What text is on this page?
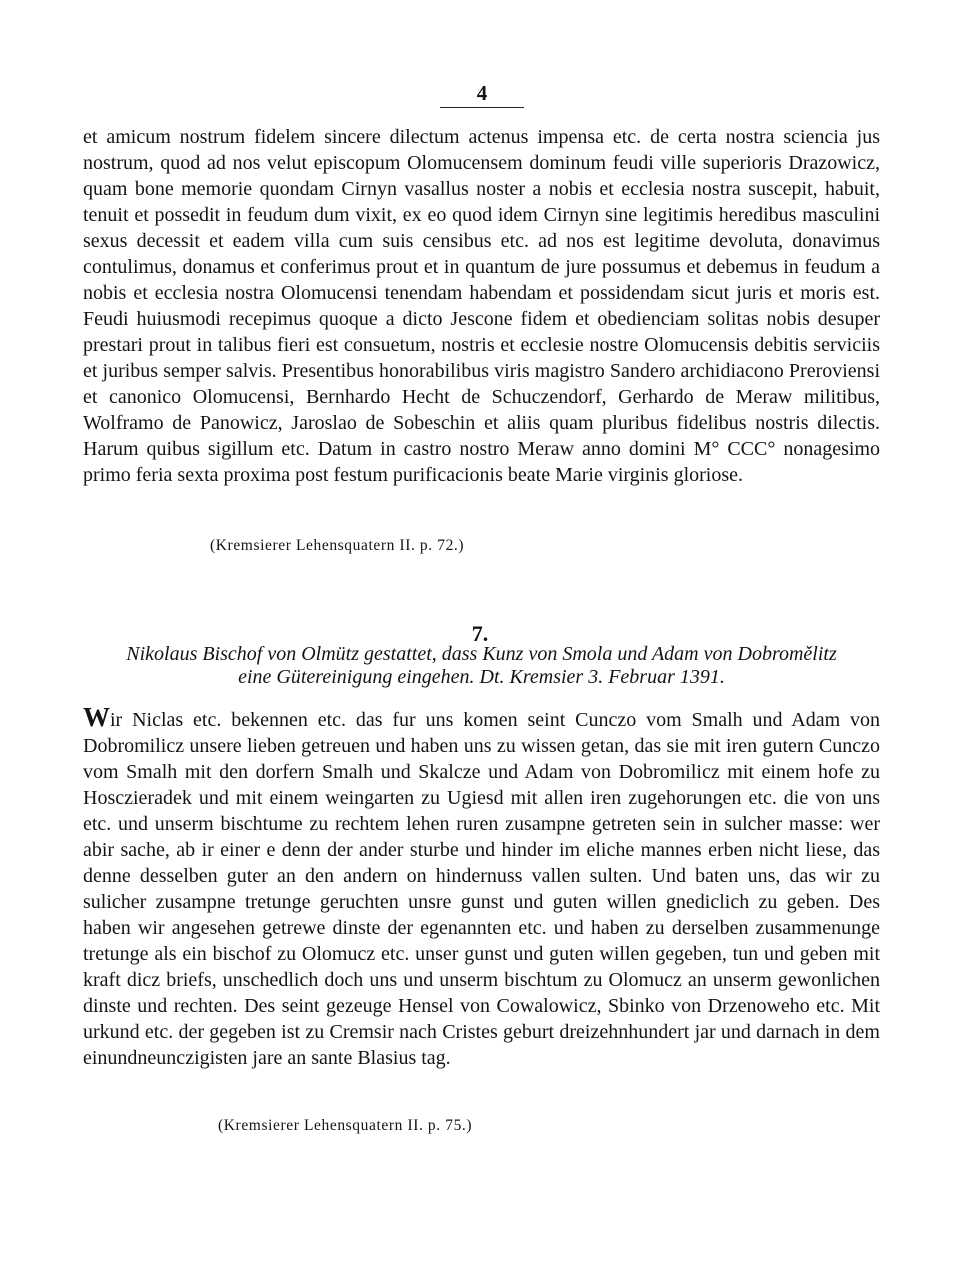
4

et amicum nostrum fidelem sincere dilectum actenus impensa etc. de certa nostra sciencia jus nostrum, quod ad nos velut episcopum Olomucensem dominum feudi ville superioris Drazowicz, quam bone memorie quondam Cirnyn vasallus noster a nobis et ecclesia nostra suscepit, habuit, tenuit et possedit in feudum dum vixit, ex eo quod idem Cirnyn sine legitimis heredibus masculini sexus decessit et eadem villa cum suis censibus etc. ad nos est legitime devoluta, donavimus contulimus, donamus et conferimus prout et in quantum de jure possumus et debemus in feudum a nobis et ecclesia nostra Olomucensi tenendam habendam et possidendam sicut juris et moris est. Feudi huiusmodi recepimus quoque a dicto Jescone fidem et obedienciam solitas nobis desuper prestari prout in talibus fieri est consuetum, nostris et ecclesie nostre Olomucensis debitis serviciis et juribus semper salvis. Presentibus honorabilibus viris magistro Sandero archidiacono Preroviensi et canonico Olomucensi, Bernhardo Hecht de Schuczendorf, Gerhardo de Meraw militibus, Wolframo de Panowicz, Jaroslao de Sobeschin et aliis quam pluribus fidelibus nostris dilectis. Harum quibus sigillum etc. Datum in castro nostro Meraw anno domini M° CCC° nonagesimo primo feria sexta proxima post festum purificacionis beate Marie virginis gloriose.

(Kremsierer Lehensquatern II. p. 72.)
7.
Nikolaus Bischof von Olmütz gestattet, dass Kunz von Smola und Adam von Dobromělitz
eine Gütereinigung eingehen. Dt. Kremsier 3. Februar 1391.

Wir Niclas etc. bekennen etc. das fur uns komen seint Cunczo vom Smalh und Adam von Dobromilicz unsere lieben getreuen und haben uns zu wissen getan, das sie mit iren gutern Cunczo vom Smalh mit den dorfern Smalh und Skalcze und Adam von Dobromilicz mit einem hofe zu Hosczieradek und mit einem weingarten zu Ugiesd mit allen iren zugehorungen etc. die von uns etc. und unserm bischtume zu rechtem lehen ruren zusampne getreten sein in sulcher masse: wer abir sache, ab ir einer e denn der ander sturbe und hinder im eliche mannes erben nicht liese, das denne desselben guter an den andern on hindernuss vallen sulten. Und baten uns, das wir zu sulicher zusampne tretunge geruchten unsre gunst und guten willen gnediclich zu geben. Des haben wir angesehen getrewe dinste der egenannten etc. und haben zu derselben zusammenunge tretunge als ein bischof zu Olomucz etc. unser gunst und guten willen gegeben, tun und geben mit kraft dicz briefs, unschedlich doch uns und unserm bischtum zu Olomucz an unserm gewonlichen dinste und rechten. Des seint gezeuge Hensel von Cowalowicz, Sbinko von Drzenoweho etc. Mit urkund etc. der gegeben ist zu Cremsir nach Cristes geburt dreizehnhundert jar und darnach in dem einundneunczigisten jare an sante Blasius tag.

(Kremsierer Lehensquatern II. p. 75.)
